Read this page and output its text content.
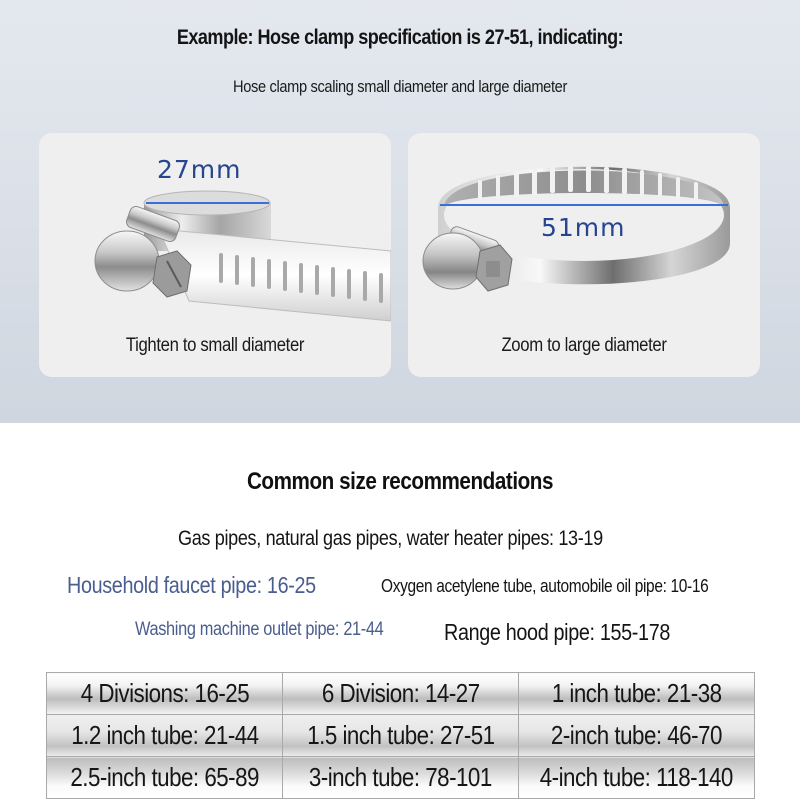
Example: Hose clamp specification is 27-51, indicating:
Hose clamp scaling small diameter and large diameter
27mm
Tighten to small diameter
51mm
Zoom to large diameter
Common size recommendations
Gas pipes, natural gas pipes, water heater pipes: 13-19
Household faucet pipe: 16-25	Oxygen acetylene tube, automobile oil pipe: 10-16
Washing machine outlet pipe: 21-44	Range hood pipe: 155-178
4 Divisions: 16-25	6 Division: 14-27	1 inch tube: 21-38
1.2 inch tube: 21-44	1.5 inch tube: 27-51	2-inch tube: 46-70
2.5-inch tube: 65-89	3-inch tube: 78-101	4-inch tube: 118-140
